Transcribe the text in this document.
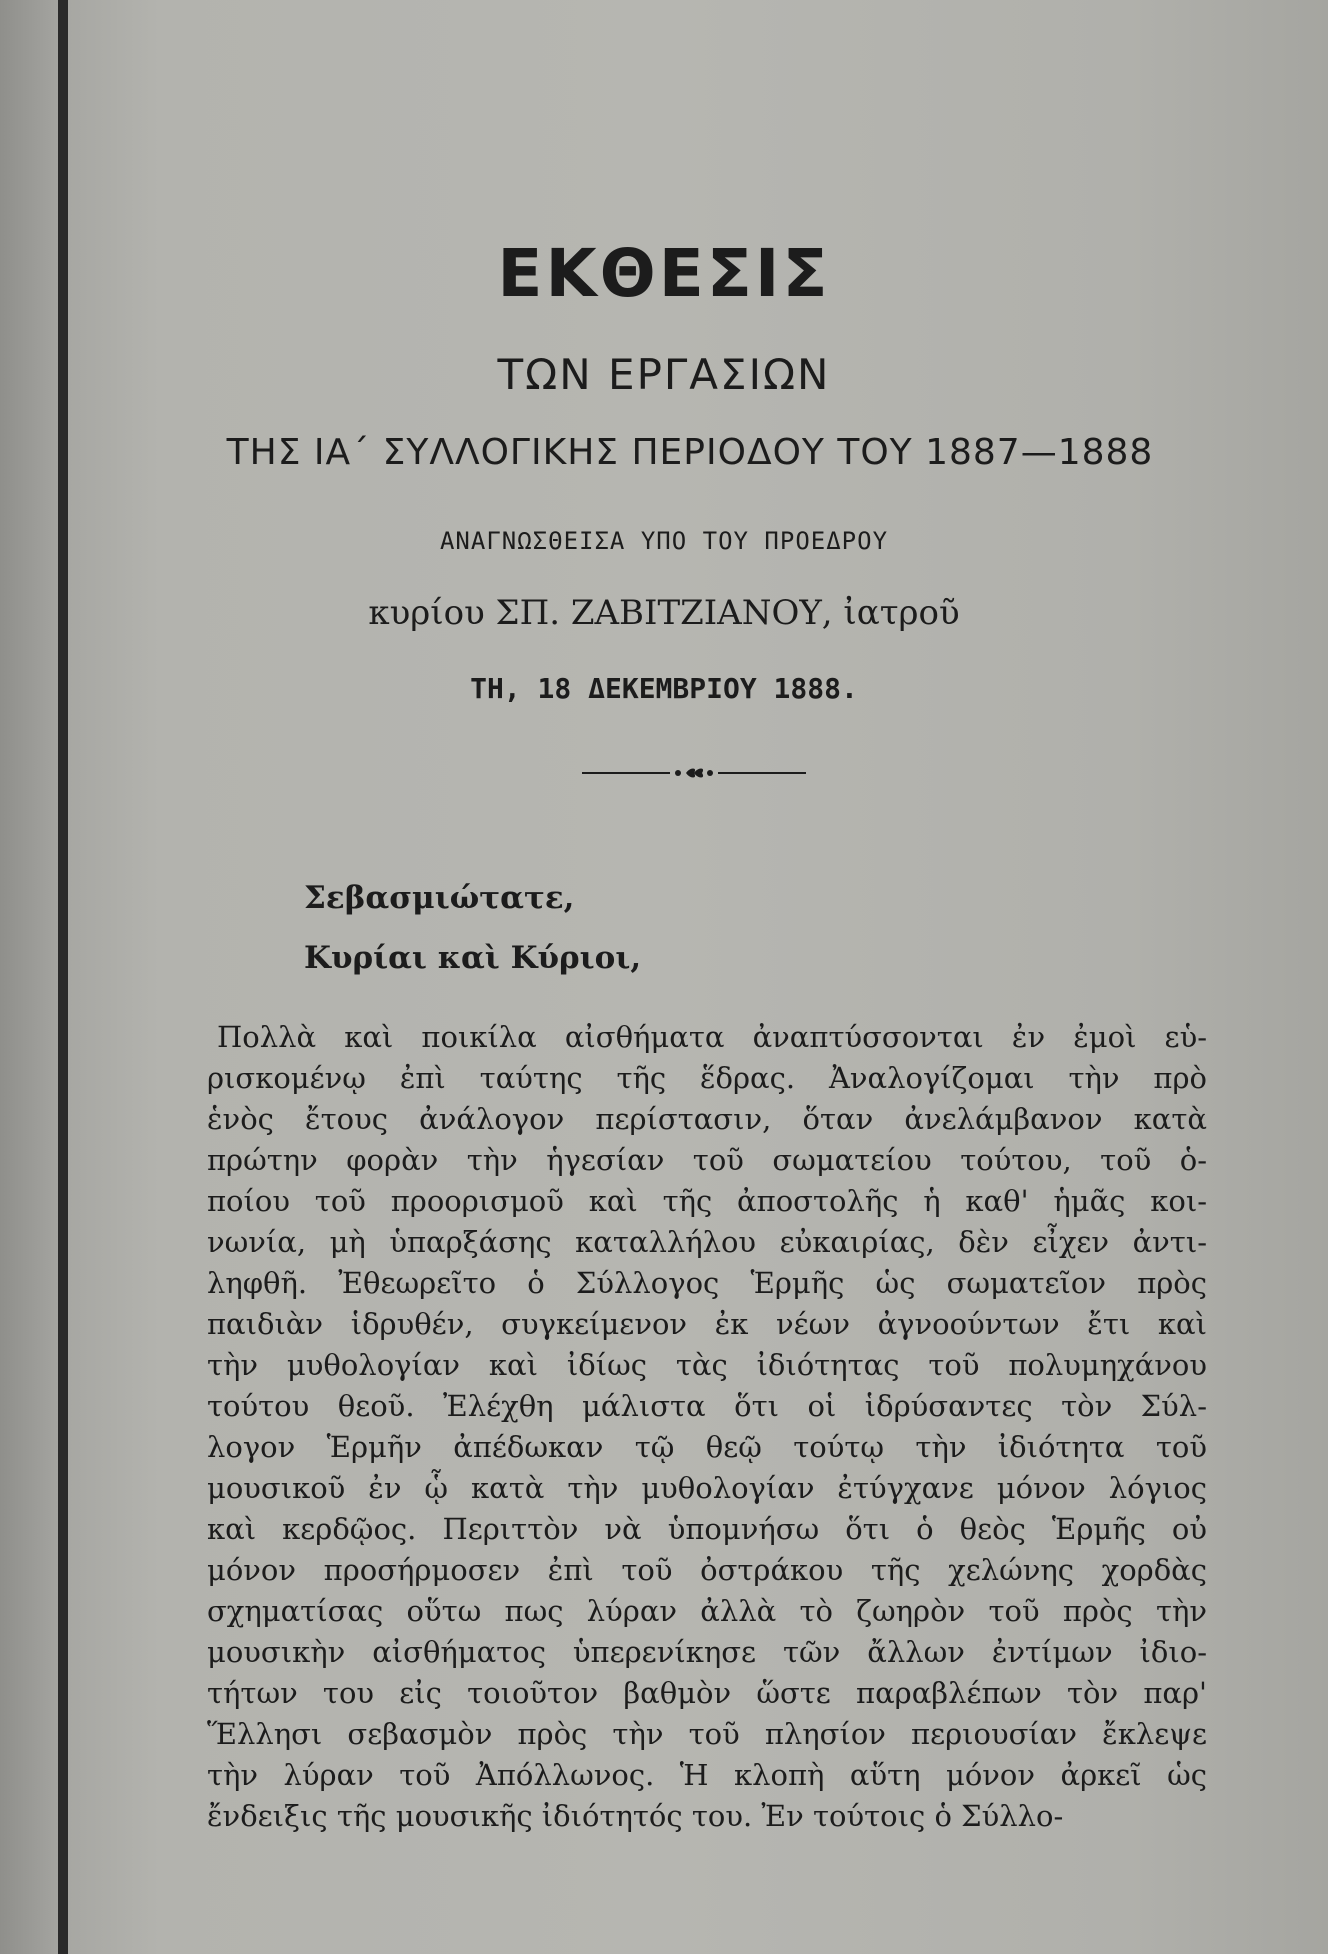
ΕΚΘΕΣΙΣ
ΤΩΝ ΕΡΓΑΣΙΩΝ
ΤΗΣ ΙΑ΄ ΣΥΛΛΟΓΙΚΗΣ ΠΕΡΙΟΔΟΥ ΤΟΥ 1887—1888
ΑΝΑΓΝΩΣΘΕΙΣΑ ΥΠΟ ΤΟΥ ΠΡΟΕΔΡΟΥ
κυρίου ΣΠ. ΖΑΒΙΤΖΙΑΝΟΥ, ἰατροῦ
ΤΗ, 18 ΔΕΚΕΜΒΡΙΟΥ 1888.
Σεβασμιώτατε,
Κυρίαι καὶ Κύριοι,
Πολλὰ καὶ ποικίλα αἰσθήματα ἀναπτύσσονται ἐν ἐμοὶ εὑ-
ρισκομένῳ ἐπὶ ταύτης τῆς ἕδρας. Ἀναλογίζομαι τὴν πρὸ
ἑνὸς ἔτους ἀνάλογον περίστασιν, ὅταν ἀνελάμβανον κατὰ
πρώτην φορὰν τὴν ἡγεσίαν τοῦ σωματείου τούτου, τοῦ ὁ-
ποίου τοῦ προορισμοῦ καὶ τῆς ἀποστολῆς ἡ καθ' ἡμᾶς κοι-
νωνία, μὴ ὑπαρξάσης καταλλήλου εὐκαιρίας, δὲν εἶχεν ἀντι-
ληφθῆ. Ἐθεωρεῖτο ὁ Σύλλογος Ἑρμῆς ὡς σωματεῖον πρὸς
παιδιὰν ἱδρυθέν, συγκείμενον ἐκ νέων ἀγνοούντων ἔτι καὶ
τὴν μυθολογίαν καὶ ἰδίως τὰς ἰδιότητας τοῦ πολυμηχάνου
τούτου θεοῦ. Ἐλέχθη μάλιστα ὅτι οἱ ἱδρύσαντες τὸν Σύλ-
λογον Ἑρμῆν ἀπέδωκαν τῷ θεῷ τούτῳ τὴν ἰδιότητα τοῦ
μουσικοῦ ἐν ᾧ κατὰ τὴν μυθολογίαν ἐτύγχανε μόνον λόγιος
καὶ κερδῷος. Περιττὸν νὰ ὑπομνήσω ὅτι ὁ θεὸς Ἑρμῆς οὐ
μόνον προσήρμοσεν ἐπὶ τοῦ ὀστράκου τῆς χελώνης χορδὰς
σχηματίσας οὕτω πως λύραν ἀλλὰ τὸ ζωηρὸν τοῦ πρὸς τὴν
μουσικὴν αἰσθήματος ὑπερενίκησε τῶν ἄλλων ἐντίμων ἰδιο-
τήτων του εἰς τοιοῦτον βαθμὸν ὥστε παραβλέπων τὸν παρ'
Ἕλλησι σεβασμὸν πρὸς τὴν τοῦ πλησίον περιουσίαν ἔκλεψε
τὴν λύραν τοῦ Ἀπόλλωνος. Ἡ κλοπὴ αὕτη μόνον ἀρκεῖ ὡς
ἔνδειξις τῆς μουσικῆς ἰδιότητός του. Ἐν τούτοις ὁ Σύλλο-
